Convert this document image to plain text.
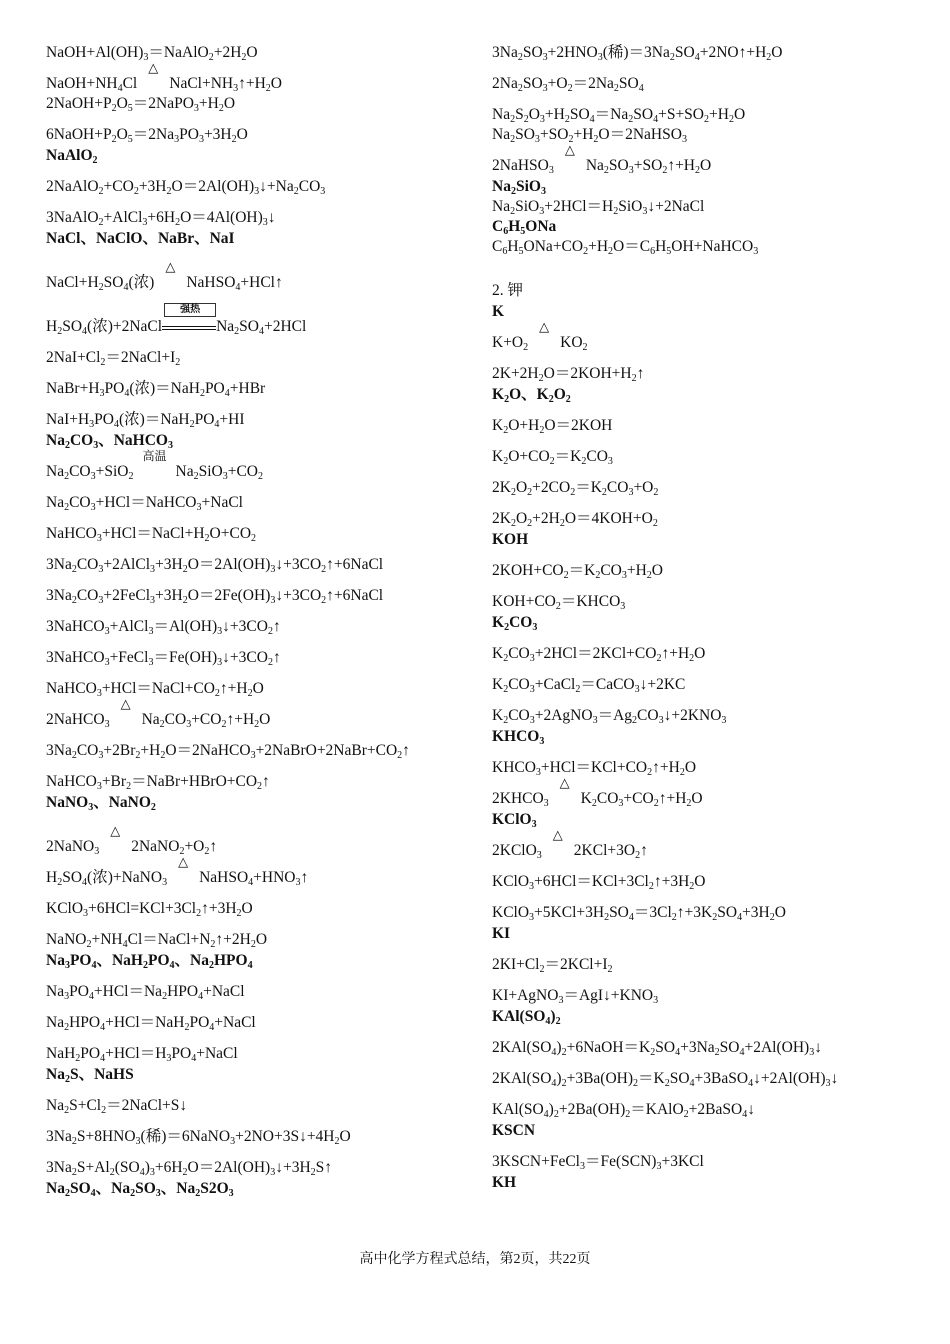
$NaOH+Al(OH)_3=NaAlO_2+2H_2O$
$NaOH+NH_4Cl$
△
$NaCl+NH_3↑+H_2O$
$2NaOH+P_2O_5=2NaPO_3+H_2O$
$6NaOH+P_2O_5=2Na_3PO_3+3H_2O$
NaAlO$_2$
$2NaAlO_2+CO_2+3H_2O=2Al(OH)_3↓+Na_2CO_3$
$3NaAlO_2+AlCl_3+6H_2O=4Al(OH)_3↓$
NaCl、NaClO、NaBr、NaI
$NaCl+H_2SO_4$(浓)
△
NaHSO$_4$+HCl↑
$H_2SO_4$(浓)+2NaCl
强热
$Na_2SO_4+2HCl$
$2NaI+Cl_2=2NaCl+I_2$
$NaBr+H_3PO_4$(浓)$=NaH_2PO_4+HBr$
$NaI+H_3PO_4$(浓)$=NaH_2PO_4+HI$
$Na_2CO_3$、NaHCO$_3$
$Na_2CO_3+SiO_2$
高温
$Na_2SiO_3+CO_2$
$Na_2CO_3+HCl=NaHCO_3+NaCl$
$NaHCO_3+HCl=NaCl+H_2O+CO_2$
$3Na_2CO_3+2AlCl_3+3H_2O=2Al(OH)_3↓+3CO_2↑+6NaCl$
$3Na_2CO_3+2FeCl_3+3H_2O=2Fe(OH)_3↓+3CO_2↑+6NaCl$
$3NaHCO_3+AlCl_3=Al(OH)_3↓+3CO_2↑$
$3NaHCO_3+FeCl_3=Fe(OH)_3↓+3CO_2↑$
$NaHCO_3+HCl=NaCl+CO_2↑+H_2O$
2NaHCO$_3$
△
$Na_2CO_3+CO_2↑+H_2O$
$3Na_2CO_3+2Br_2+H_2O=2NaHCO_3+2NaBrO+2NaBr+CO_2↑$
$NaHCO_3+Br_2=NaBr+HBrO+CO_2↑$
NaNO$_3$、NaNO$_2$
2NaNO$_3$
△
$2NaNO_2+O_2↑$
$H_2SO_4$(浓)+NaNO$_3$
△
$NaHSO_4+HNO_3↑$
$KClO_3+6HCl=KCl+3Cl_2↑+3H_2O$
$NaNO_2+NH_4Cl=NaCl+N_2↑+2H_2O$
$Na_3PO_4$、$NaH_2PO_4$、$Na_2HPO_4$
$Na_3PO_4+HCl=Na_2HPO_4+NaCl$
$Na_2HPO_4+HCl=NaH_2PO_4+NaCl$
$NaH_2PO_4+HCl=H_3PO_4+NaCl$
$Na_2S$、NaHS
$Na_2S+Cl_2=2NaCl+S↓$
$3Na_2S+8HNO_3$(稀)$=6NaNO_3+2NO+3S↓+4H_2O$
$3Na_2S+Al_2(SO_4)_3+6H_2O=2Al(OH)_3↓+3H_2S↑$
$Na_2SO_4$、$Na_2SO_3$、$Na_2S2O_3$
$3Na_2SO_3+2HNO_3$(稀)$=3Na_2SO_4+2NO↑+H_2O$
$2Na_2SO_3+O_2=2Na_2SO_4$
$Na_2S_2O_3+H_2SO_4=Na_2SO_4+S+SO_2+H_2O$
$Na_2SO_3+SO_2+H_2O=2NaHSO_3$
2NaHSO$_3$
△
$Na_2SO_3+SO_2↑+H_2O$
$Na_2SiO_3$
$Na_2SiO_3+2HCl=H_2SiO_3↓+2NaCl$
$C_6H_5ONa$
$C_6H_5ONa+CO_2+H_2O=C_6H_5OH+NaHCO_3$
2. 钾
K
$K+O_2$
△
$KO_2$
$2K+2H_2O=2KOH+H_2↑$
$K_2O$、$K_2O_2$
$K_2O+H_2O=2KOH$
$K_2O+CO_2=K_2CO_3$
$2K_2O_2+2CO_2=K_2CO_3+O_2$
$2K_2O_2+2H_2O=4KOH+O_2$
KOH
$2KOH+CO_2=K_2CO_3+H_2O$
$KOH+CO_2=KHCO_3$
$K_2CO_3$
$K_2CO_3+2HCl=2KCl+CO_2↑+H_2O$
$K_2CO_3+CaCl_2=CaCO_3↓+2KC$
$K_2CO_3+2AgNO_3=Ag_2CO_3↓+2KNO_3$
$KHCO_3$
$KHCO_3+HCl=KCl+CO_2↑+H_2O$
$2KHCO_3$
△
$K_2CO_3+CO_2↑+H_2O$
KClO$_3$
2KClO$_3$
△
$2KCl+3O_2↑$
$KClO_3+6HCl=KCl+3Cl_2↑+3H_2O$
$KClO_3+5KCl+3H_2SO_4=3Cl_2↑+3K_2SO_4+3H_2O$
KI
$2KI+Cl_2=2KCl+I_2$
$KI+AgNO_3=AgI↓+KNO_3$
$KAl(SO_4)_2$
$2KAl(SO_4)_2+6NaOH=K_2SO_4+3Na_2SO_4+2Al(OH)_3↓$
$2KAl(SO_4)_2+3Ba(OH)_2=K_2SO_4+3BaSO_4↓+2Al(OH)_3↓$
$KAl(SO_4)_2+2Ba(OH)_2=KAlO_2+2BaSO_4↓$
KSCN
$3KSCN+FeCl_3=Fe(SCN)_3+3KCl$
KH
高中化学方程式总结，第2页，共22页
